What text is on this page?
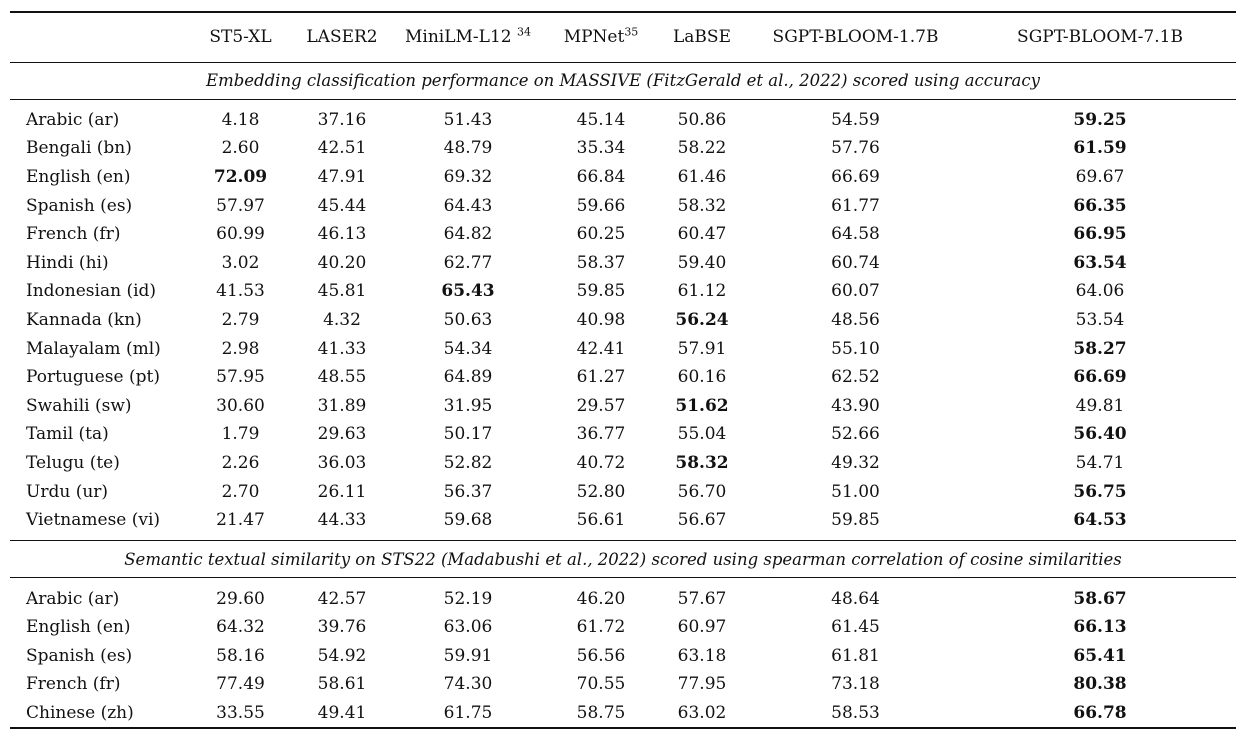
	ST5-XL	LASER2	MiniLM-L12 $^{34}$	MPNet$^{35}$	LaBSE	SGPT-BLOOM-1.7B	SGPT-BLOOM-7.1B
Embedding classification performance on MASSIVE (FitzGerald et al., 2022) scored using accuracy							

Arabic (ar)	4.18	37.16	51.43	45.14	50.86	54.59	59.25
Bengali (bn)	2.60	42.51	48.79	35.34	58.22	57.76	61.59
English (en)	72.09	47.91	69.32	66.84	61.46	66.69	69.67
Spanish (es)	57.97	45.44	64.43	59.66	58.32	61.77	66.35
French (fr)	60.99	46.13	64.82	60.25	60.47	64.58	66.95
Hindi (hi)	3.02	40.20	62.77	58.37	59.40	60.74	63.54
Indonesian (id)	41.53	45.81	65.43	59.85	61.12	60.07	64.06
Kannada (kn)	2.79	4.32	50.63	40.98	56.24	48.56	53.54
Malayalam (ml)	2.98	41.33	54.34	42.41	57.91	55.10	58.27
Portuguese (pt)	57.95	48.55	64.89	61.27	60.16	62.52	66.69
Swahili (sw)	30.60	31.89	31.95	29.57	51.62	43.90	49.81
Tamil (ta)	1.79	29.63	50.17	36.77	55.04	52.66	56.40
Telugu (te)	2.26	36.03	52.82	40.72	58.32	49.32	54.71
Urdu (ur)	2.70	26.11	56.37	52.80	56.70	51.00	56.75
Vietnamese (vi)	21.47	44.33	59.68	56.61	56.67	59.85	64.53

Semantic textual similarity on STS22 (Madabushi et al., 2022) scored using spearman correlation of cosine similarities							

Arabic (ar)	29.60	42.57	52.19	46.20	57.67	48.64	58.67
English (en)	64.32	39.76	63.06	61.72	60.97	61.45	66.13
Spanish (es)	58.16	54.92	59.91	56.56	63.18	61.81	65.41
French (fr)	77.49	58.61	74.30	70.55	77.95	73.18	80.38
Chinese (zh)	33.55	49.41	61.75	58.75	63.02	58.53	66.78
